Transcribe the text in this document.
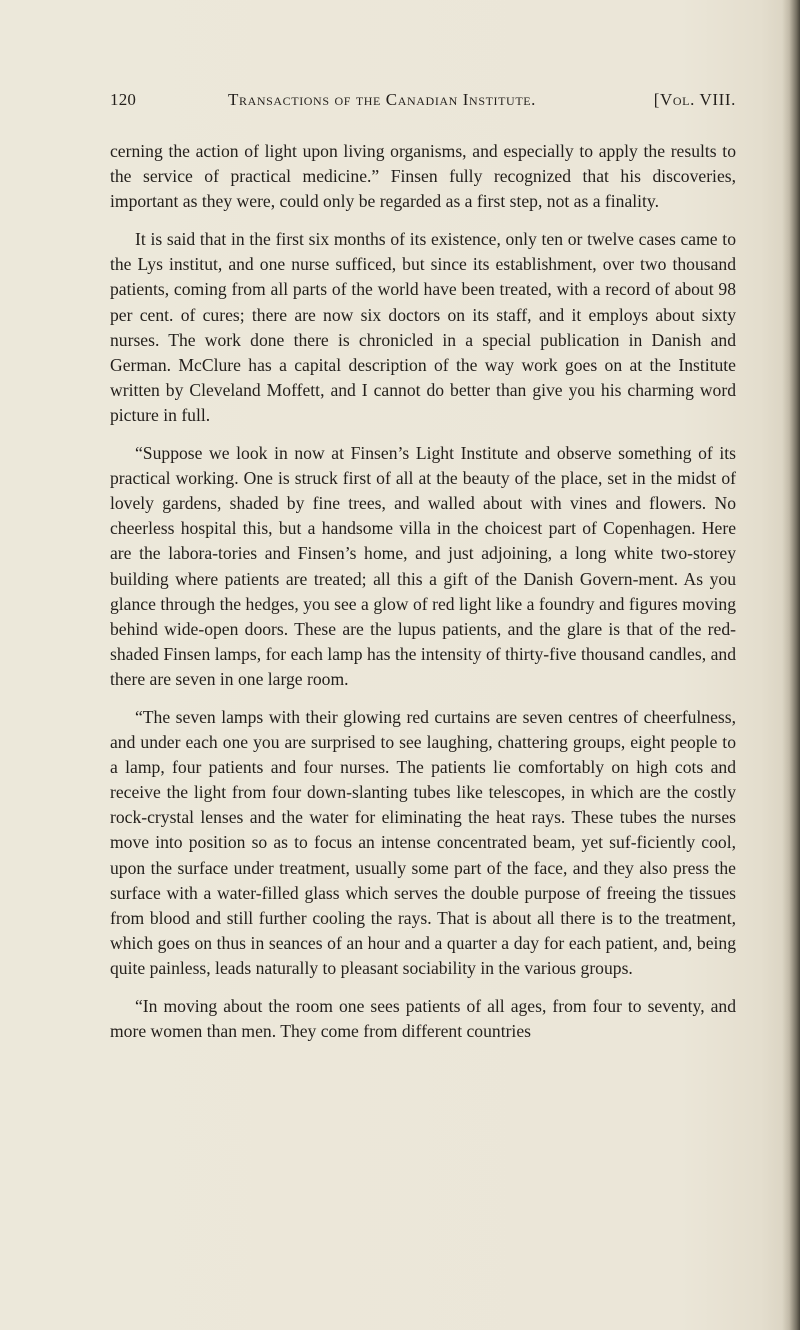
120	Transactions of the Canadian Institute.	[Vol. VIII.

cerning the action of light upon living organisms, and especially to apply the results to the service of practical medicine.” Finsen fully recognized that his discoveries, important as they were, could only be regarded as a first step, not as a finality.

It is said that in the first six months of its existence, only ten or twelve cases came to the Lys institut, and one nurse sufficed, but since its establishment, over two thousand patients, coming from all parts of the world have been treated, with a record of about 98 per cent. of cures; there are now six doctors on its staff, and it employs about sixty nurses. The work done there is chronicled in a special publication in Danish and German. McClure has a capital description of the way work goes on at the Institute written by Cleveland Moffett, and I cannot do better than give you his charming word picture in full.

“Suppose we look in now at Finsen’s Light Institute and observe something of its practical working. One is struck first of all at the beauty of the place, set in the midst of lovely gardens, shaded by fine trees, and walled about with vines and flowers. No cheerless hospital this, but a handsome villa in the choicest part of Copenhagen. Here are the labora-tories and Finsen’s home, and just adjoining, a long white two-storey building where patients are treated; all this a gift of the Danish Govern-ment. As you glance through the hedges, you see a glow of red light like a foundry and figures moving behind wide-open doors. These are the lupus patients, and the glare is that of the red-shaded Finsen lamps, for each lamp has the intensity of thirty-five thousand candles, and there are seven in one large room.

“The seven lamps with their glowing red curtains are seven centres of cheerfulness, and under each one you are surprised to see laughing, chattering groups, eight people to a lamp, four patients and four nurses. The patients lie comfortably on high cots and receive the light from four down-slanting tubes like telescopes, in which are the costly rock-crystal lenses and the water for eliminating the heat rays. These tubes the nurses move into position so as to focus an intense concentrated beam, yet suf-ficiently cool, upon the surface under treatment, usually some part of the face, and they also press the surface with a water-filled glass which serves the double purpose of freeing the tissues from blood and still further cooling the rays. That is about all there is to the treatment, which goes on thus in seances of an hour and a quarter a day for each patient, and, being quite painless, leads naturally to pleasant sociability in the various groups.

“In moving about the room one sees patients of all ages, from four to seventy, and more women than men. They come from different countries
